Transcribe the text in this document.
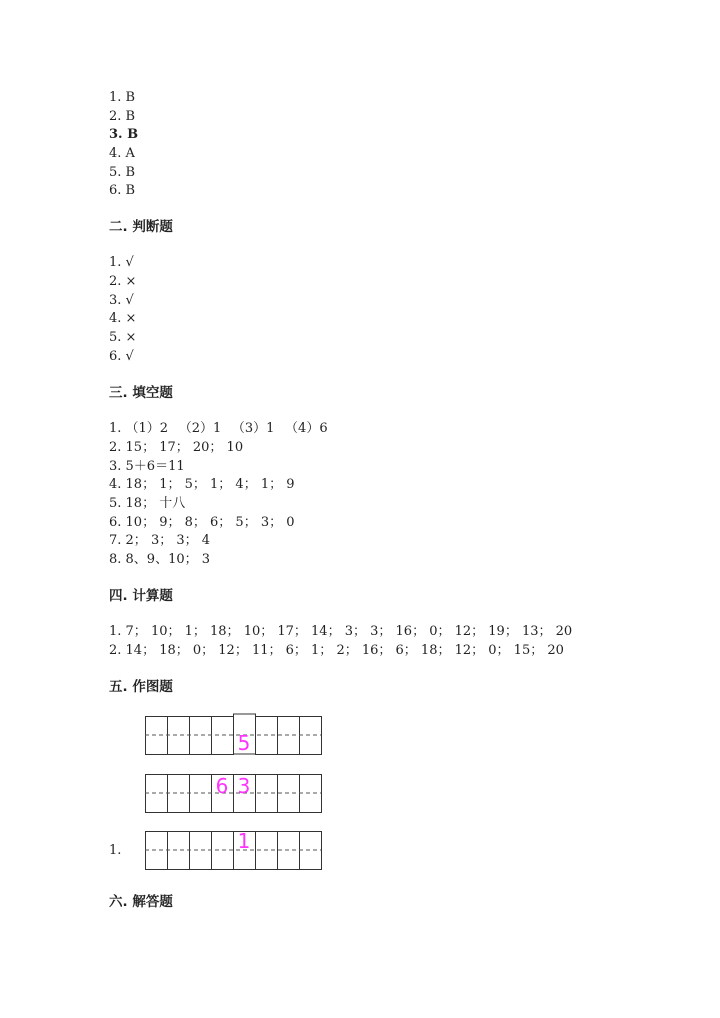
1. B
2. B
3. B
4. A
5. B
6. B
二. 判断题
1. √
2. ×
3. √
4. ×
5. ×
6. √
三. 填空题
1. （1）2 　（2）1 　（3）1 　（4）6
2. 15； 17； 20； 10
3. 5＋6＝11
4. 18； 1； 5； 1； 4； 1； 9
5. 18； 十八
6. 10； 9； 8； 6； 5； 3； 0
7. 2； 3； 3； 4
8. 8、9、10； 3
四. 计算题
1. 7； 10； 1； 18； 10； 17； 14； 3； 3； 16； 0； 12； 19； 13； 20
2. 14； 18； 0； 12； 11； 6； 1； 2； 16； 6； 18； 12； 0； 15； 20
五. 作图题
5
6 3
1
1.
六. 解答题
